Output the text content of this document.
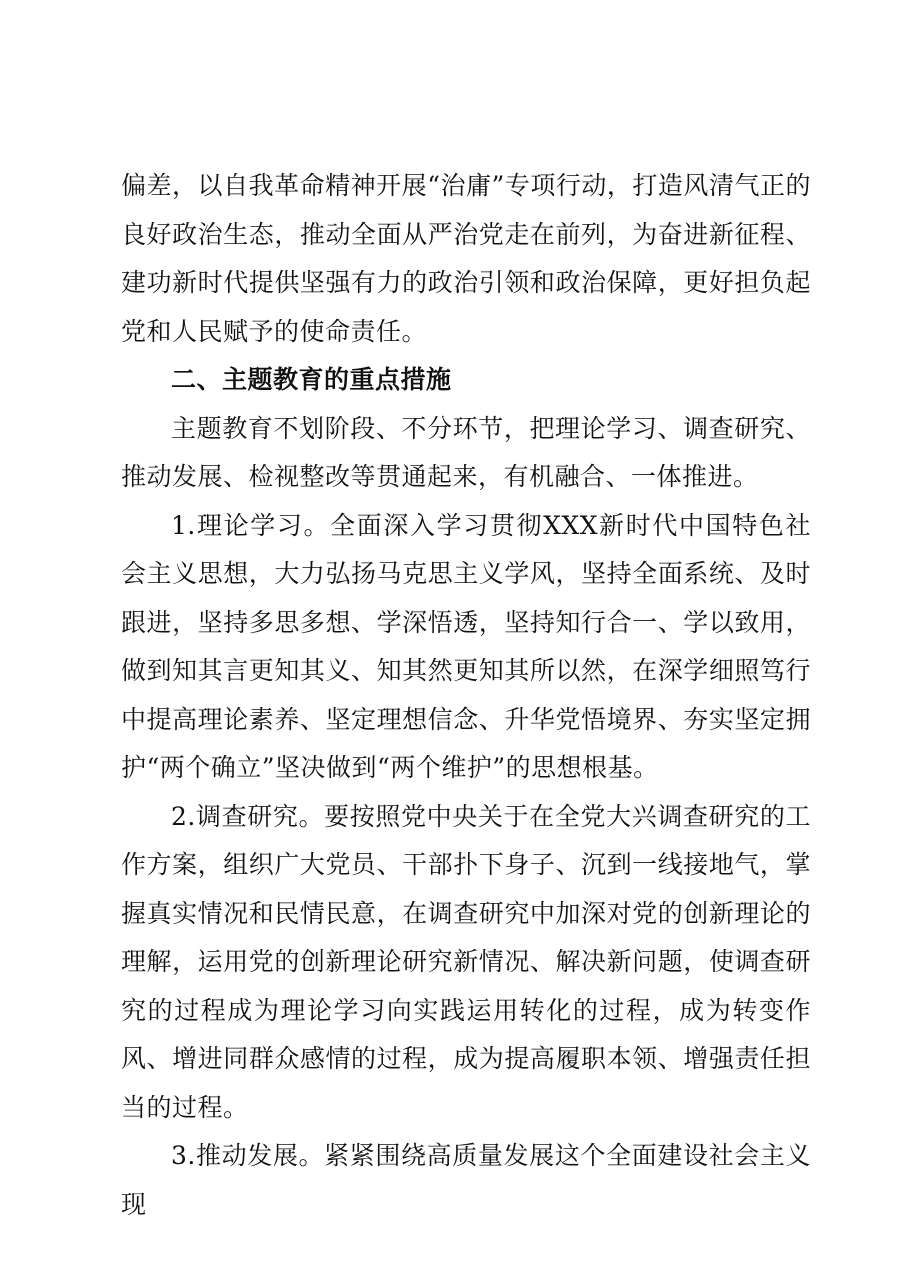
偏差，以自我革命精神开展“治庸”专项行动，打造风清气正的良好政治生态，推动全面从严治党走在前列，为奋进新征程、建功新时代提供坚强有力的政治引领和政治保障，更好担负起党和人民赋予的使命责任。

二、主题教育的重点措施

主题教育不划阶段、不分环节，把理论学习、调查研究、推动发展、检视整改等贯通起来，有机融合、一体推进。

1.理论学习。全面深入学习贯彻XXX新时代中国特色社会主义思想，大力弘扬马克思主义学风，坚持全面系统、及时跟进，坚持多思多想、学深悟透，坚持知行合一、学以致用，做到知其言更知其义、知其然更知其所以然，在深学细照笃行中提高理论素养、坚定理想信念、升华党悟境界、夯实坚定拥护“两个确立”坚决做到“两个维护”的思想根基。

2.调查研究。要按照党中央关于在全党大兴调查研究的工作方案，组织广大党员、干部扑下身子、沉到一线接地气，掌握真实情况和民情民意，在调查研究中加深对党的创新理论的理解，运用党的创新理论研究新情况、解决新问题，使调查研究的过程成为理论学习向实践运用转化的过程，成为转变作风、增进同群众感情的过程，成为提高履职本领、增强责任担当的过程。

3.推动发展。紧紧围绕高质量发展这个全面建设社会主义现
